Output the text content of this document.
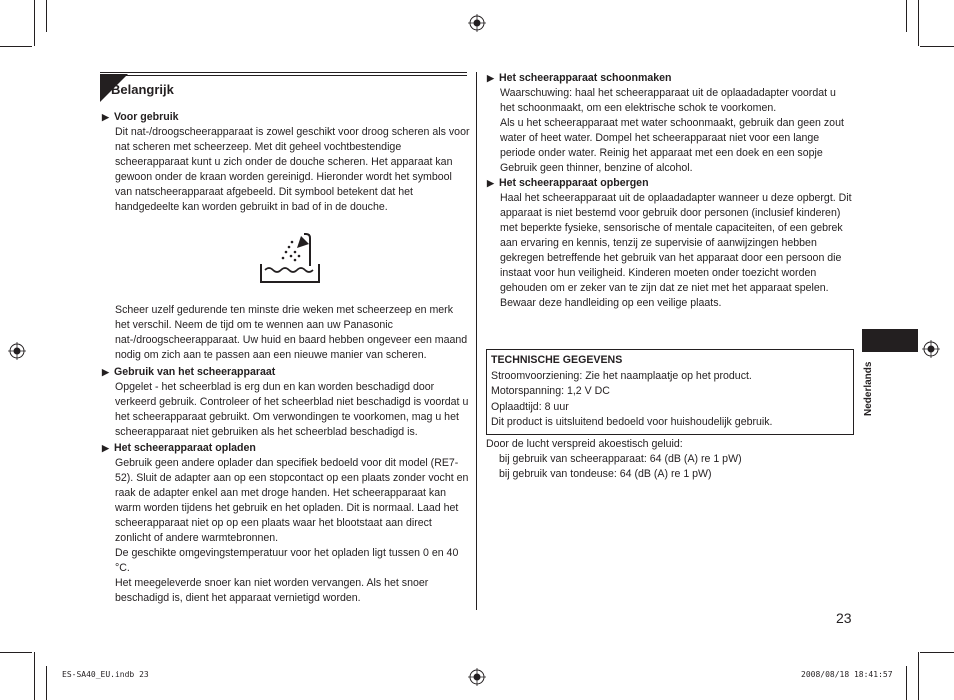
Belangrijk
▶ Voor gebruik
Dit nat-/droogscheerapparaat is zowel geschikt voor droog scheren als voor nat scheren met scheerzeep. Met dit geheel vochtbestendige scheerapparaat kunt u zich onder de douche scheren. Het apparaat kan gewoon onder de kraan worden gereinigd. Hieronder wordt het symbool van natscheerapparaat afgebeeld. Dit symbool betekent dat het handgedeelte kan worden gebruikt in bad of in de douche.
Scheer uzelf gedurende ten minste drie weken met scheerzeep en merk het verschil. Neem de tijd om te wennen aan uw Panasonic nat-/droogscheerapparaat. Uw huid en baard hebben ongeveer een maand nodig om zich aan te passen aan een nieuwe manier van scheren.
▶ Gebruik van het scheerapparaat
Opgelet - het scheerblad is erg dun en kan worden beschadigd door verkeerd gebruik. Controleer of het scheerblad niet beschadigd is voordat u het scheerapparaat gebruikt. Om verwondingen te voorkomen, mag u het scheerapparaat niet gebruiken als het scheerblad beschadigd is.
▶ Het scheerapparaat opladen
Gebruik geen andere oplader dan specifiek bedoeld voor dit model (RE7-52). Sluit de adapter aan op een stopcontact op een plaats zonder vocht en raak de adapter enkel aan met droge handen. Het scheerapparaat kan warm worden tijdens het gebruik en het opladen. Dit is normaal. Laad het scheerapparaat niet op op een plaats waar het blootstaat aan direct zonlicht of andere warmtebronnen.
De geschikte omgevingstemperatuur voor het opladen ligt tussen 0 en 40 °C.
Het meegeleverde snoer kan niet worden vervangen. Als het snoer beschadigd is, dient het apparaat vernietigd worden.
▶ Het scheerapparaat schoonmaken
Waarschuwing: haal het scheerapparaat uit de oplaadadapter voordat u het schoonmaakt, om een elektrische schok te voorkomen.
Als u het scheerapparaat met water schoonmaakt, gebruik dan geen zout water of heet water. Dompel het scheerapparaat niet voor een lange periode onder water. Reinig het apparaat met een doek en een sopje Gebruik geen thinner, benzine of alcohol.
▶ Het scheerapparaat opbergen
Haal het scheerapparaat uit de oplaadadapter wanneer u deze opbergt. Dit apparaat is niet bestemd voor gebruik door personen (inclusief kinderen) met beperkte fysieke, sensorische of mentale capaciteiten, of een gebrek aan ervaring en kennis, tenzij ze supervisie of aanwijzingen hebben gekregen betreffende het gebruik van het apparaat door een persoon die instaat voor hun veiligheid. Kinderen moeten onder toezicht worden gehouden om er zeker van te zijn dat ze niet met het apparaat spelen. Bewaar deze handleiding op een veilige plaats.
TECHNISCHE GEGEVENS
Stroomvoorziening: Zie het naamplaatje op het product.
Motorspanning: 1,2 V DC
Oplaadtijd: 8 uur
Dit product is uitsluitend bedoeld voor huishoudelijk gebruik.
Door de lucht verspreid akoestisch geluid:
bij gebruik van scheerapparaat: 64 (dB (A) re 1 pW)
bij gebruik van tondeuse: 64 (dB (A) re 1 pW)
Nederlands
23
ES-SA40_EU.indb 23	2008/08/18 18:41:57
